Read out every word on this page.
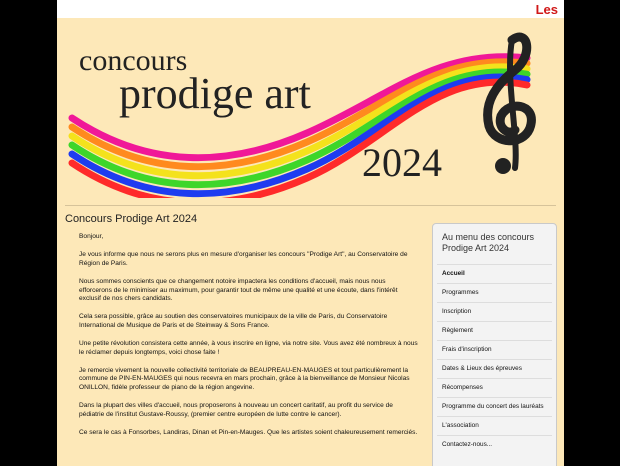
Les
concours
prodige art
2024
Concours Prodige Art 2024

Bonjour,

Je vous informe que nous ne serons plus en mesure d'organiser les concours "Prodige Art", au Conservatoire de Région de Paris.

Nous sommes conscients que ce changement notoire impactera les conditions d'accueil, mais nous nous efforcerons de le minimiser au maximum, pour garantir tout de même une qualité et une écoute, dans l'intérêt exclusif de nos chers candidats.

Cela sera possible, grâce au soutien des conservatoires municipaux de la ville de Paris, du Conservatoire International de Musique de Paris et de Steinway & Sons France.

Une petite révolution consistera cette année, à vous inscrire en ligne, via notre site. Vous avez été nombreux à nous le réclamer depuis longtemps, voici chose faite !

Je remercie vivement la nouvelle collectivité territoriale de BEAUPREAU-EN-MAUGES et tout particulièrement la commune de PIN-EN-MAUGES qui nous recevra en mars prochain, grâce à la bienveillance de Monsieur Nicolas ONILLON, fidèle professeur de piano de la région angevine.

Dans la plupart des villes d'accueil, nous proposerons à nouveau un concert caritatif, au profit du service de pédiatrie de l'institut Gustave-Roussy, (premier centre européen de lutte contre le cancer).

Ce sera le cas à Fonsorbes, Landiras, Dinan et Pin-en-Mauges. Que les artistes soient chaleureusement remerciés.

Au menu des concours Prodige Art 2024
Accueil
Programmes
Inscription
Règlement
Frais d'inscription
Dates & Lieux des épreuves
Récompenses
Programme du concert des lauréats
L'association
Contactez-nous...
